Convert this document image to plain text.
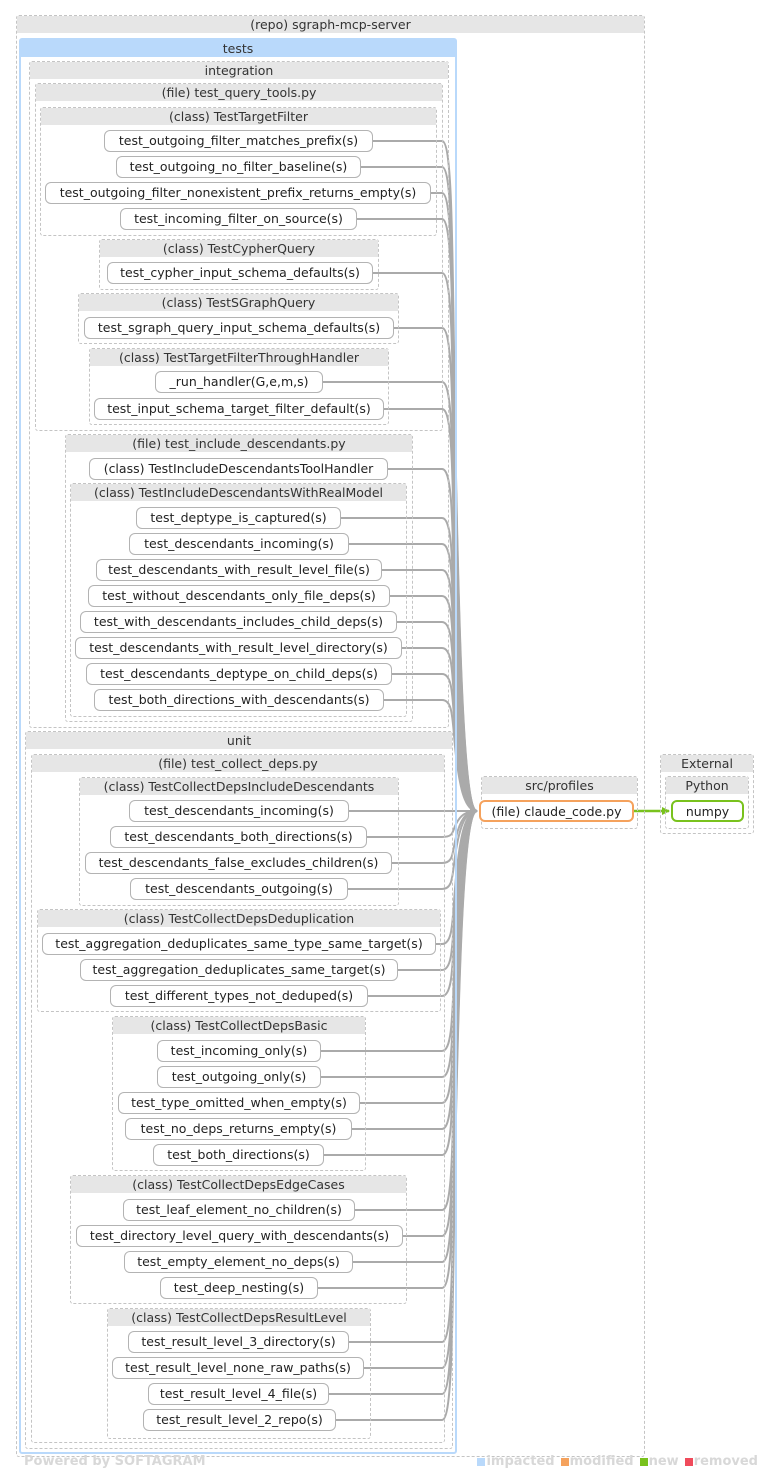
(repo) sgraph-mcp-server
tests
integration
(file) test_query_tools.py
(class) TestTargetFilter
test_outgoing_filter_matches_prefix(s)
test_outgoing_no_filter_baseline(s)
test_outgoing_filter_nonexistent_prefix_returns_empty(s)
test_incoming_filter_on_source(s)
(class) TestCypherQuery
test_cypher_input_schema_defaults(s)
(class) TestSGraphQuery
test_sgraph_query_input_schema_defaults(s)
(class) TestTargetFilterThroughHandler
_run_handler(G,e,m,s)
test_input_schema_target_filter_default(s)
(file) test_include_descendants.py
(class) TestIncludeDescendantsToolHandler
(class) TestIncludeDescendantsWithRealModel
test_deptype_is_captured(s)
test_descendants_incoming(s)
test_descendants_with_result_level_file(s)
test_without_descendants_only_file_deps(s)
test_with_descendants_includes_child_deps(s)
test_descendants_with_result_level_directory(s)
test_descendants_deptype_on_child_deps(s)
test_both_directions_with_descendants(s)
unit
(file) test_collect_deps.py
(class) TestCollectDepsIncludeDescendants
test_descendants_incoming(s)
test_descendants_both_directions(s)
test_descendants_false_excludes_children(s)
test_descendants_outgoing(s)
(class) TestCollectDepsDeduplication
test_aggregation_deduplicates_same_type_same_target(s)
test_aggregation_deduplicates_same_target(s)
test_different_types_not_deduped(s)
(class) TestCollectDepsBasic
test_incoming_only(s)
test_outgoing_only(s)
test_type_omitted_when_empty(s)
test_no_deps_returns_empty(s)
test_both_directions(s)
(class) TestCollectDepsEdgeCases
test_leaf_element_no_children(s)
test_directory_level_query_with_descendants(s)
test_empty_element_no_deps(s)
test_deep_nesting(s)
(class) TestCollectDepsResultLevel
test_result_level_3_directory(s)
test_result_level_none_raw_paths(s)
test_result_level_4_file(s)
test_result_level_2_repo(s)
src/profiles
(file) claude_code.py
External
Python
numpy
Powered by SOFTAGRAM	impacted modified new removed
